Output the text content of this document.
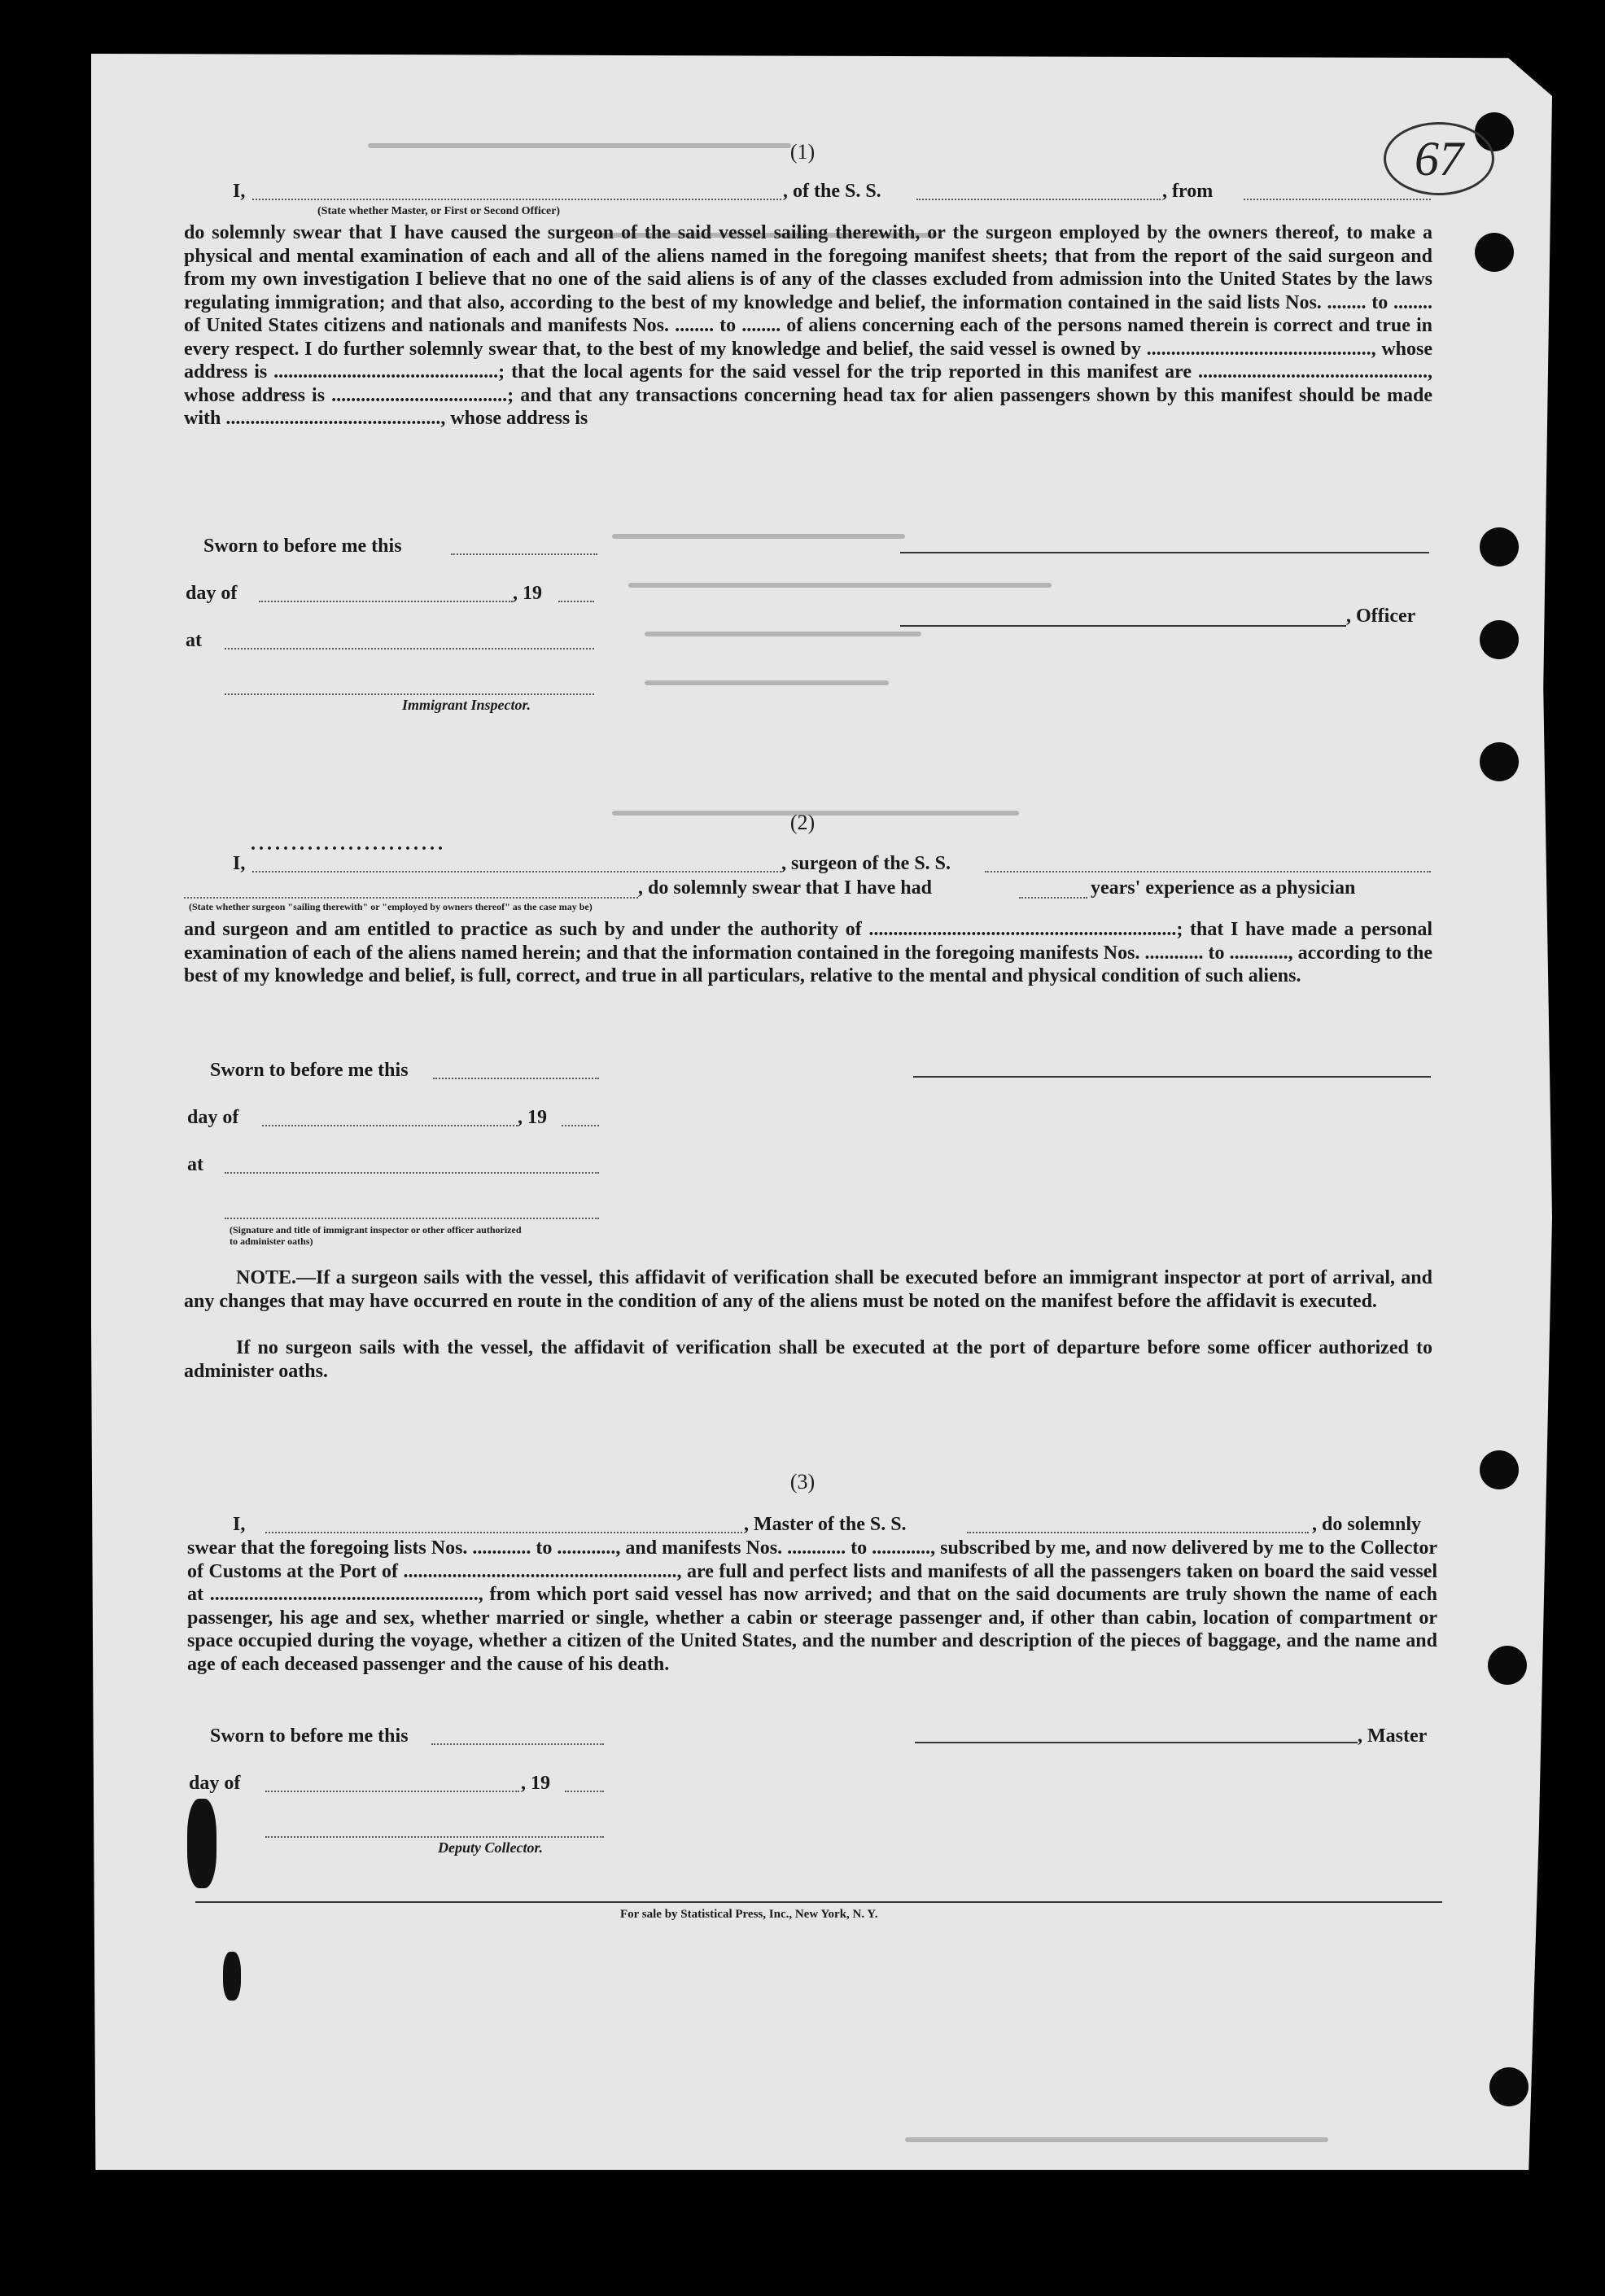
67
(1)
I,	, of the S. S.	, from
(State whether Master, or First or Second Officer)
do solemnly swear that I have caused the surgeon of the said vessel sailing therewith, or the surgeon employed by the owners thereof, to make a physical and mental examination of each and all of the aliens named in the foregoing manifest sheets; that from the report of the said surgeon and from my own investigation I believe that no one of the said aliens is of any of the classes excluded from admission into the United States by the laws regulating immigration; and that also, according to the best of my knowledge and belief, the information contained in the said lists Nos. ........ to ........ of United States citizens and nationals and manifests Nos. ........ to ........ of aliens concerning each of the persons named therein is correct and true in every respect. I do further solemnly swear that, to the best of my knowledge and belief, the said vessel is owned by .............................................., whose address is ..............................................; that the local agents for the said vessel for the trip reported in this manifest are ..............................................., whose address is ....................................; and that any transactions concerning head tax for alien passengers shown by this manifest should be made with ............................................, whose address is
Sworn to before me this
day of	, 19
at
Immigrant Inspector.
, Officer
(2)
I,
........................
, surgeon of the S. S.
, do solemnly swear that I have had	years' experience as a physician
(State whether surgeon "sailing therewith" or "employed by owners thereof" as the case may be)
and surgeon and am entitled to practice as such by and under the authority of ...............................................................; that I have made a personal examination of each of the aliens named herein; and that the information contained in the foregoing manifests Nos. ............ to ............, according to the best of my knowledge and belief, is full, correct, and true in all particulars, relative to the mental and physical condition of such aliens.
Sworn to before me this
day of	, 19
at
(Signature and title of immigrant inspector or other officer authorized to administer oaths)
NOTE.—If a surgeon sails with the vessel, this affidavit of verification shall be executed before an immigrant inspector at port of arrival, and any changes that may have occurred en route in the condition of any of the aliens must be noted on the manifest before the affidavit is executed.
If no surgeon sails with the vessel, the affidavit of verification shall be executed at the port of departure before some officer authorized to administer oaths.
(3)
I,	, Master of the S. S.	, do solemnly
swear that the foregoing lists Nos. ............ to ............, and manifests Nos. ............ to ............, subscribed by me, and now delivered by me to the Collector of Customs at the Port of ........................................................, are full and perfect lists and manifests of all the passengers taken on board the said vessel at ......................................................., from which port said vessel has now arrived; and that on the said documents are truly shown the name of each passenger, his age and sex, whether married or single, whether a cabin or steerage passenger and, if other than cabin, location of compartment or space occupied during the voyage, whether a citizen of the United States, and the number and description of the pieces of baggage, and the name and age of each deceased passenger and the cause of his death.
Sworn to before me this	, Master
day of	, 19
Deputy Collector.
For sale by Statistical Press, Inc., New York, N. Y.
